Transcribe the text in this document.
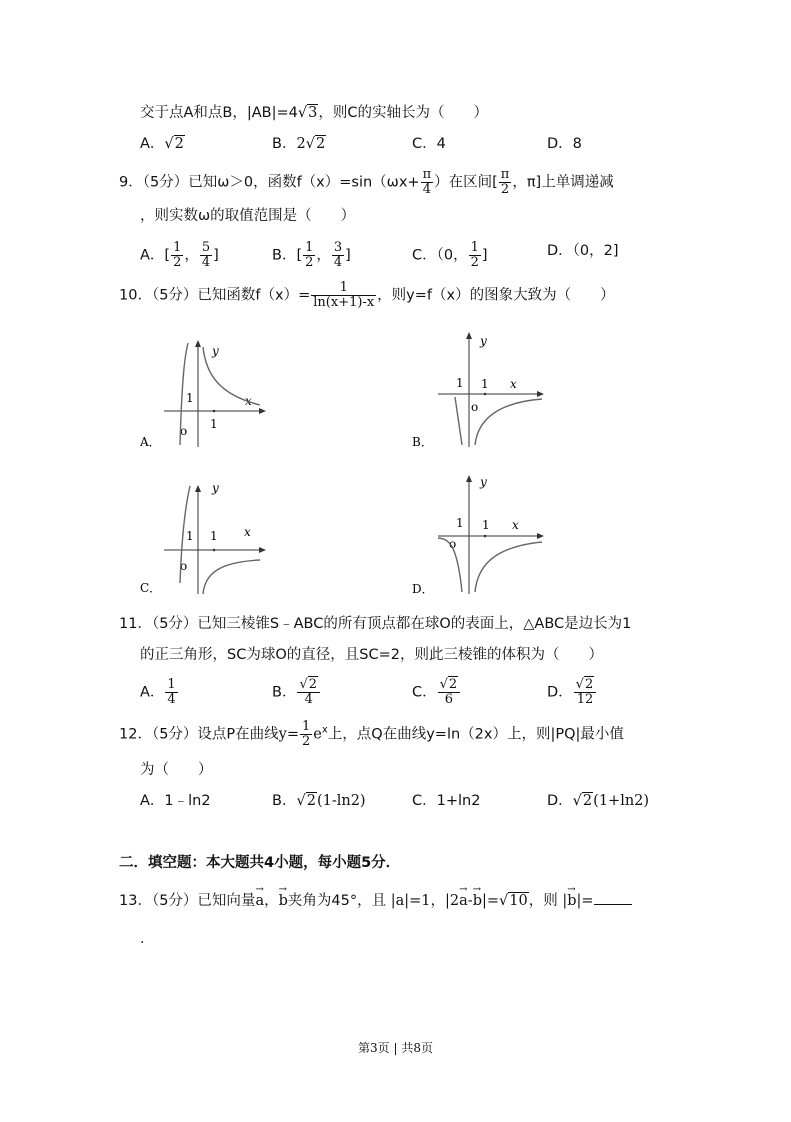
交于点A和点B，|AB|=4√3，则C的实轴长为（　　）
A．√2	B．2√2	C．4	D．8
9．（5分）已知ω＞0，函数$f(x)=\sin(\omega x+ \frac{\pi}{4}$ ）在区间[ $\frac{\pi}{2}$ ，π]上单调递减
，则实数ω的取值范围是（　　）
A．[ $\frac{1}{2}$ ， $\frac{5}{4}$ ]	B．[ $\frac{1}{2}$ ， $\frac{3}{4}$ ]	C．（0， $\frac{1}{2}$ ]	D．（0，2]
10．（5分）已知函数$f(x)= \frac{1}{\ln(x+1)-x}$ ，则y=f（x）的图象大致为（　　）
A．
y
x
1
1
o
B．
y
x
1 1
o
C．
y
x
1 1
o
D．
y
x
1 1
o
11．（5分）已知三棱锥S﹣ABC的所有顶点都在球O的表面上，△ABC是边长为1
的正三角形，SC为球O的直径，且SC=2，则此三棱锥的体积为（　　）
A． $\frac{1}{4}$	B． $\frac{√2}{4}$	C． $\frac{√2}{6}$	D． $\frac{√2}{12}$
12．（5分）设点P在曲线$y= \frac{1}{2} e^x$上，点Q在曲线y=ln（2x）上，则|PQ|最小值
为（　　）
A．1﹣ln2	B．√2(1-ln2)	C．1+ln2	D．√2(1+ln2)
二．填空题：本大题共4小题，每小题5分．
13．（5分）已知向量→ a，→ b夹角为45°，且 |a|=1，|2→ a-→ b|=√10，则 |→ b|=
．
第3页 | 共8页
